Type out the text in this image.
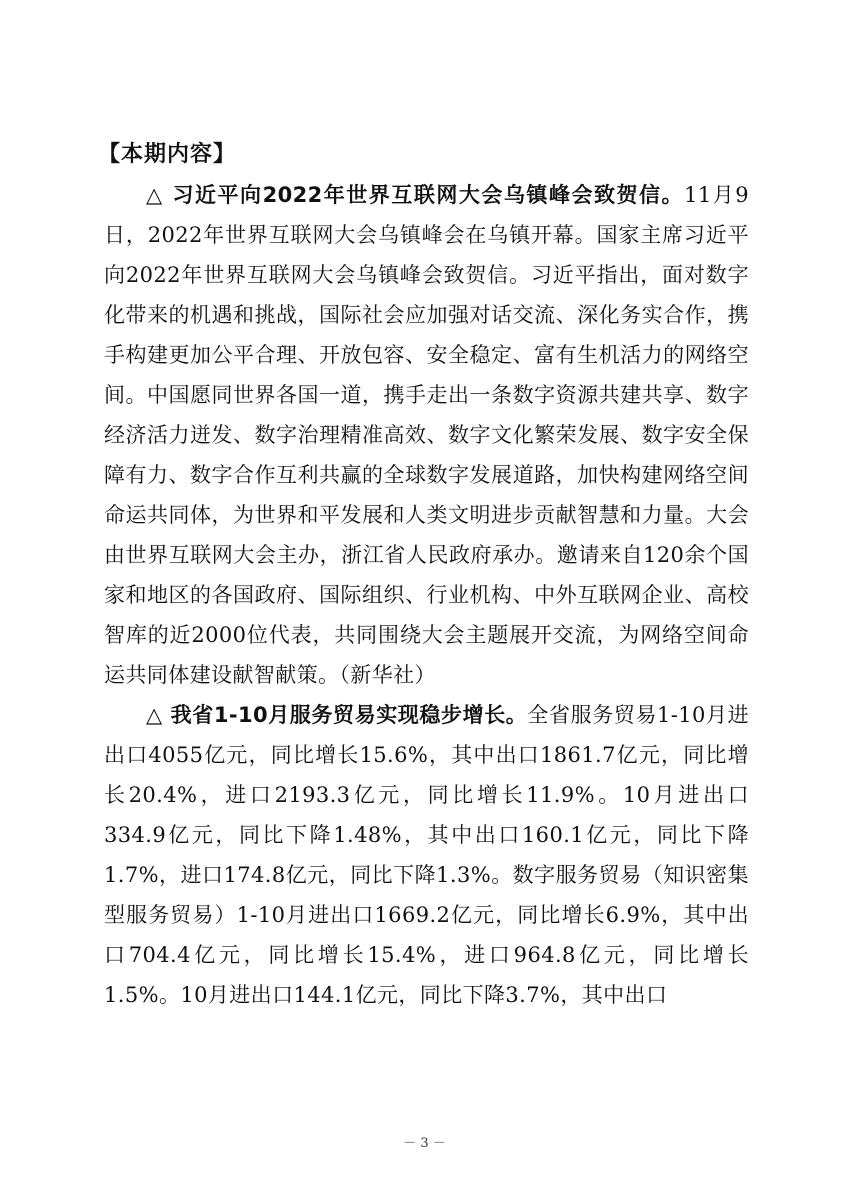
【本期内容】

△ 习近平向2022年世界互联网大会乌镇峰会致贺信。11月9日，2022年世界互联网大会乌镇峰会在乌镇开幕。国家主席习近平向2022年世界互联网大会乌镇峰会致贺信。习近平指出，面对数字化带来的机遇和挑战，国际社会应加强对话交流、深化务实合作，携手构建更加公平合理、开放包容、安全稳定、富有生机活力的网络空间。中国愿同世界各国一道，携手走出一条数字资源共建共享、数字经济活力迸发、数字治理精准高效、数字文化繁荣发展、数字安全保障有力、数字合作互利共赢的全球数字发展道路，加快构建网络空间命运共同体，为世界和平发展和人类文明进步贡献智慧和力量。大会由世界互联网大会主办，浙江省人民政府承办。邀请来自120余个国家和地区的各国政府、国际组织、行业机构、中外互联网企业、高校智库的近2000位代表，共同围绕大会主题展开交流，为网络空间命运共同体建设献智献策。（新华社）

△ 我省1-10月服务贸易实现稳步增长。全省服务贸易1-10月进出口4055亿元，同比增长15.6%，其中出口1861.7亿元，同比增长20.4%，进口2193.3亿元，同比增长11.9%。10月进出口334.9亿元，同比下降1.48%，其中出口160.1亿元，同比下降1.7%，进口174.8亿元，同比下降1.3%。数字服务贸易（知识密集型服务贸易）1-10月进出口1669.2亿元，同比增长6.9%，其中出口704.4亿元，同比增长15.4%，进口964.8亿元，同比增长1.5%。10月进出口144.1亿元，同比下降3.7%，其中出口

－ 3 －
